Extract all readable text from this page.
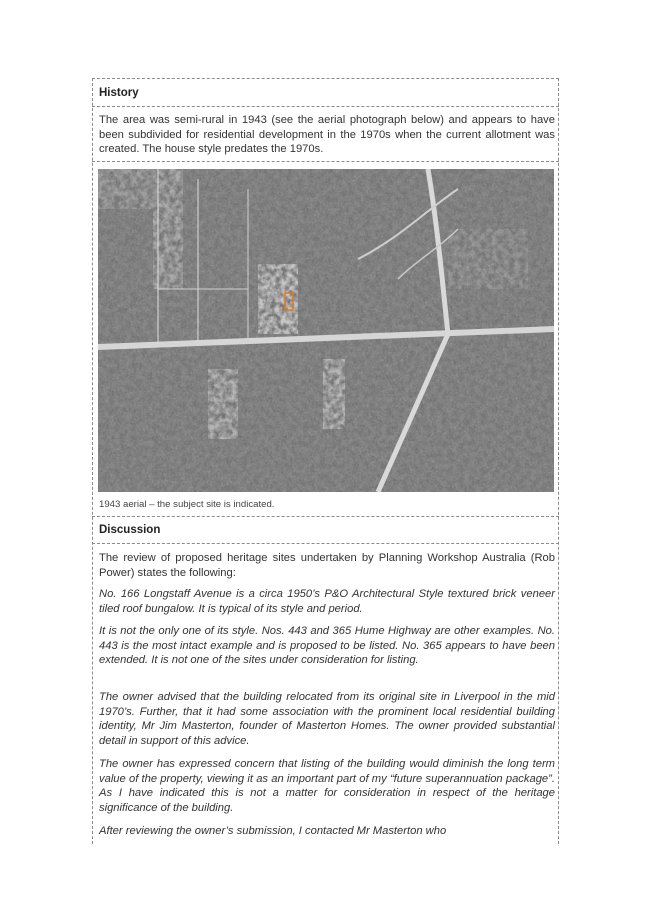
History
The area was semi-rural in 1943 (see the aerial photograph below) and appears to have been subdivided for residential development in the 1970s when the current allotment was created. The house style predates the 1970s.
1943 aerial – the subject site is indicated.
Discussion
The review of proposed heritage sites undertaken by Planning Workshop Australia (Rob Power) states the following:
No. 166 Longstaff Avenue is a circa 1950’s P&O Architectural Style textured brick veneer tiled roof bungalow. It is typical of its style and period.
It is not the only one of its style. Nos. 443 and 365 Hume Highway are other examples. No. 443 is the most intact example and is proposed to be listed. No. 365 appears to have been extended. It is not one of the sites under consideration for listing.
The owner advised that the building relocated from its original site in Liverpool in the mid 1970’s. Further, that it had some association with the prominent local residential building identity, Mr Jim Masterton, founder of Masterton Homes. The owner provided substantial detail in support of this advice.
The owner has expressed concern that listing of the building would diminish the long term value of the property, viewing it as an important part of my “future superannuation package”. As I have indicated this is not a matter for consideration in respect of the heritage significance of the building.
After reviewing the owner’s submission, I contacted Mr Masterton who
